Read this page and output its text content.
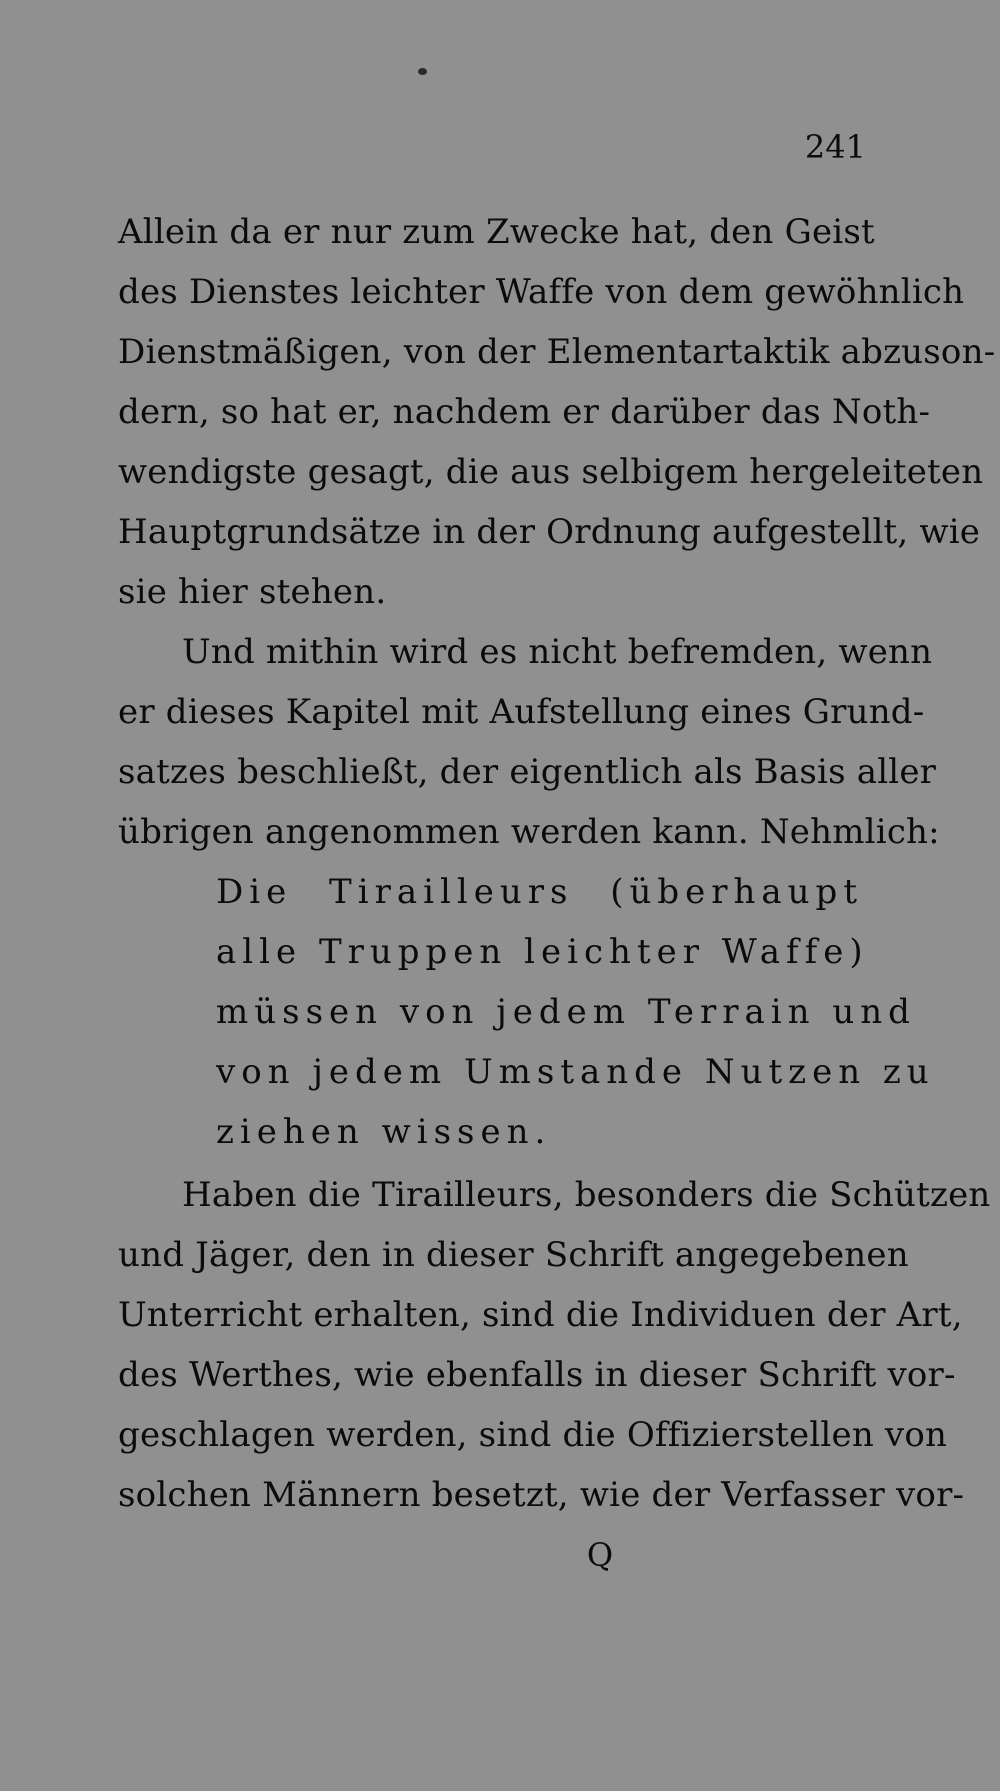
241
Allein da er nur zum Zwecke hat, den Geist
des Dienstes leichter Waffe von dem gewöhnlich
Dienstmäßigen, von der Elementartaktik abzuson-
dern, so hat er, nachdem er darüber das Noth-
wendigste gesagt, die aus selbigem hergeleiteten
Hauptgrundsätze in der Ordnung aufgestellt, wie
sie hier stehen.
Und mithin wird es nicht befremden, wenn
er dieses Kapitel mit Aufstellung eines Grund-
satzes beschließt, der eigentlich als Basis aller
übrigen angenommen werden kann. Nehmlich:
Die Tirailleurs (überhaupt
alle Truppen leichter Waffe)
müssen von jedem Terrain und
von jedem Umstande Nutzen zu
ziehen wissen.
Haben die Tirailleurs, besonders die Schützen
und Jäger, den in dieser Schrift angegebenen
Unterricht erhalten, sind die Individuen der Art,
des Werthes, wie ebenfalls in dieser Schrift vor-
geschlagen werden, sind die Offizierstellen von
solchen Männern besetzt, wie der Verfasser vor-
Q
